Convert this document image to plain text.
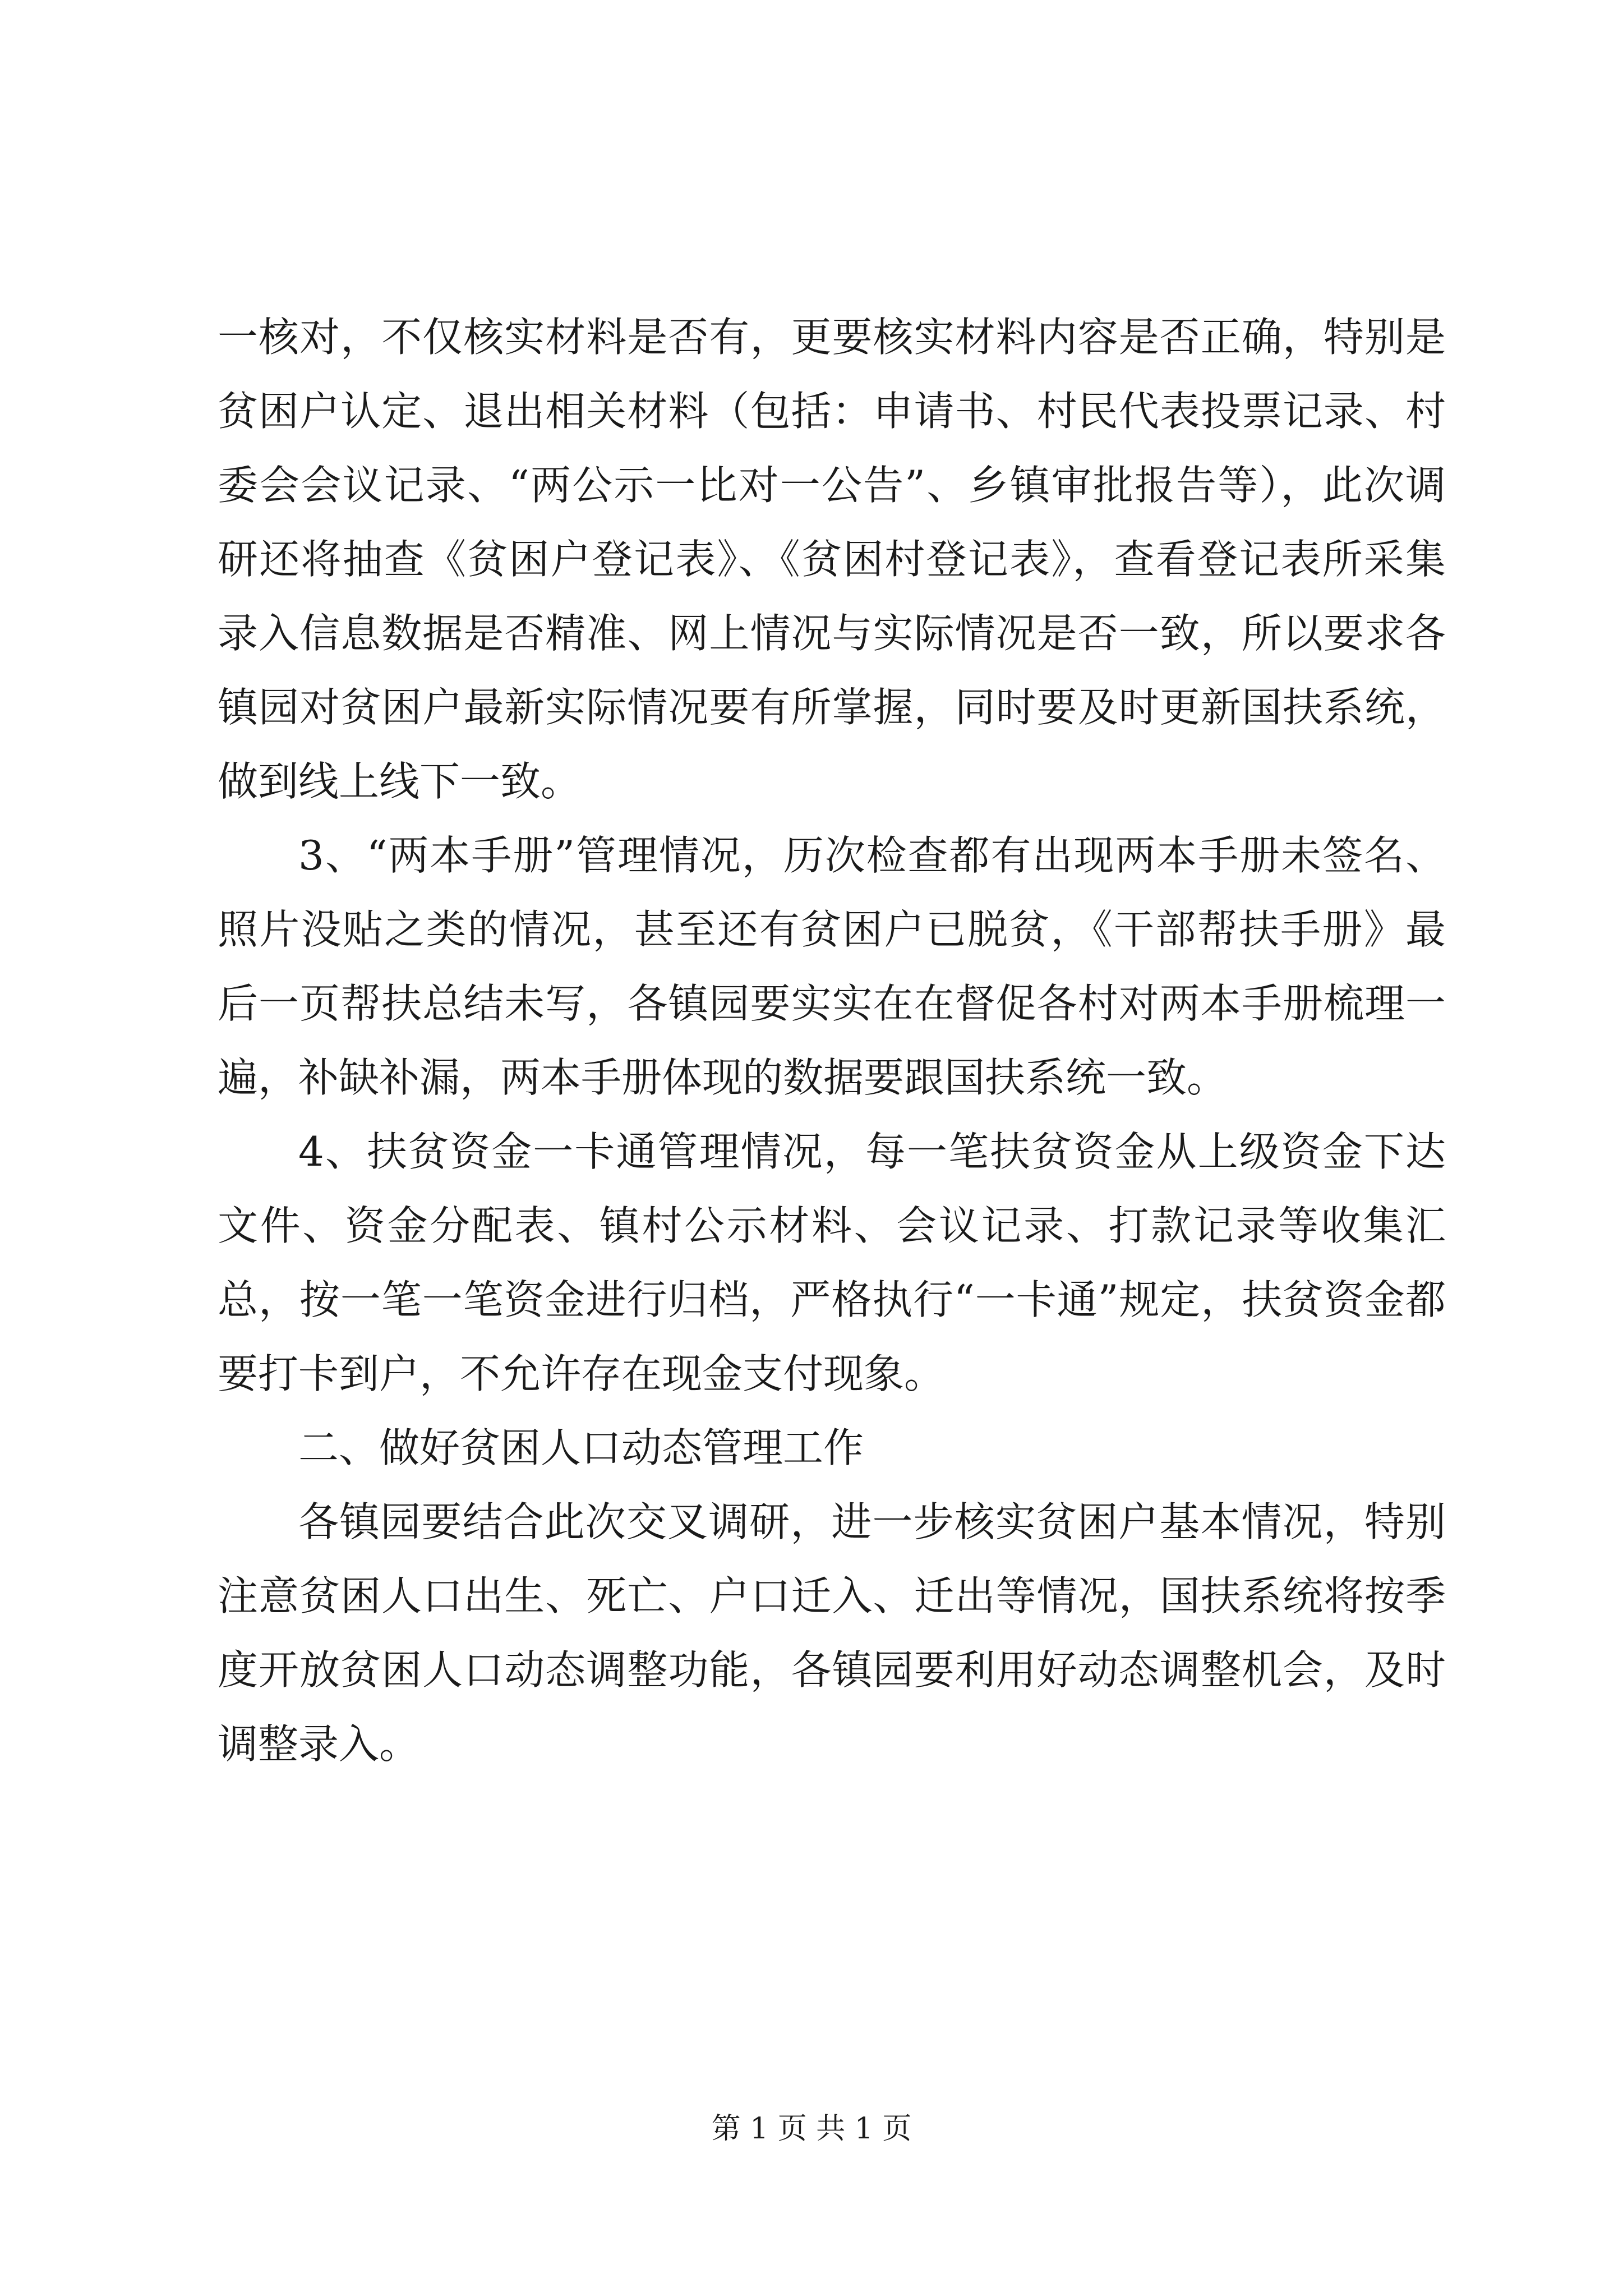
一核对，不仅核实材料是否有，更要核实材料内容是否正确，特别是贫困户认定、退出相关材料（包括：申请书、村民代表投票记录、村委会会议记录、“两公示一比对一公告”、乡镇审批报告等），此次调研还将抽查《贫困户登记表》、《贫困村登记表》，查看登记表所采集录入信息数据是否精准、网上情况与实际情况是否一致，所以要求各镇园对贫困户最新实际情况要有所掌握，同时要及时更新国扶系统，做到线上线下一致。

3、“两本手册”管理情况，历次检查都有出现两本手册未签名、照片没贴之类的情况，甚至还有贫困户已脱贫，《干部帮扶手册》最后一页帮扶总结未写，各镇园要实实在在督促各村对两本手册梳理一遍，补缺补漏，两本手册体现的数据要跟国扶系统一致。

4、扶贫资金一卡通管理情况，每一笔扶贫资金从上级资金下达文件、资金分配表、镇村公示材料、会议记录、打款记录等收集汇总，按一笔一笔资金进行归档，严格执行“一卡通”规定，扶贫资金都要打卡到户，不允许存在现金支付现象。

二、做好贫困人口动态管理工作

各镇园要结合此次交叉调研，进一步核实贫困户基本情况，特别注意贫困人口出生、死亡、户口迁入、迁出等情况，国扶系统将按季度开放贫困人口动态调整功能，各镇园要利用好动态调整机会，及时调整录入。

第 1 页 共 1 页
